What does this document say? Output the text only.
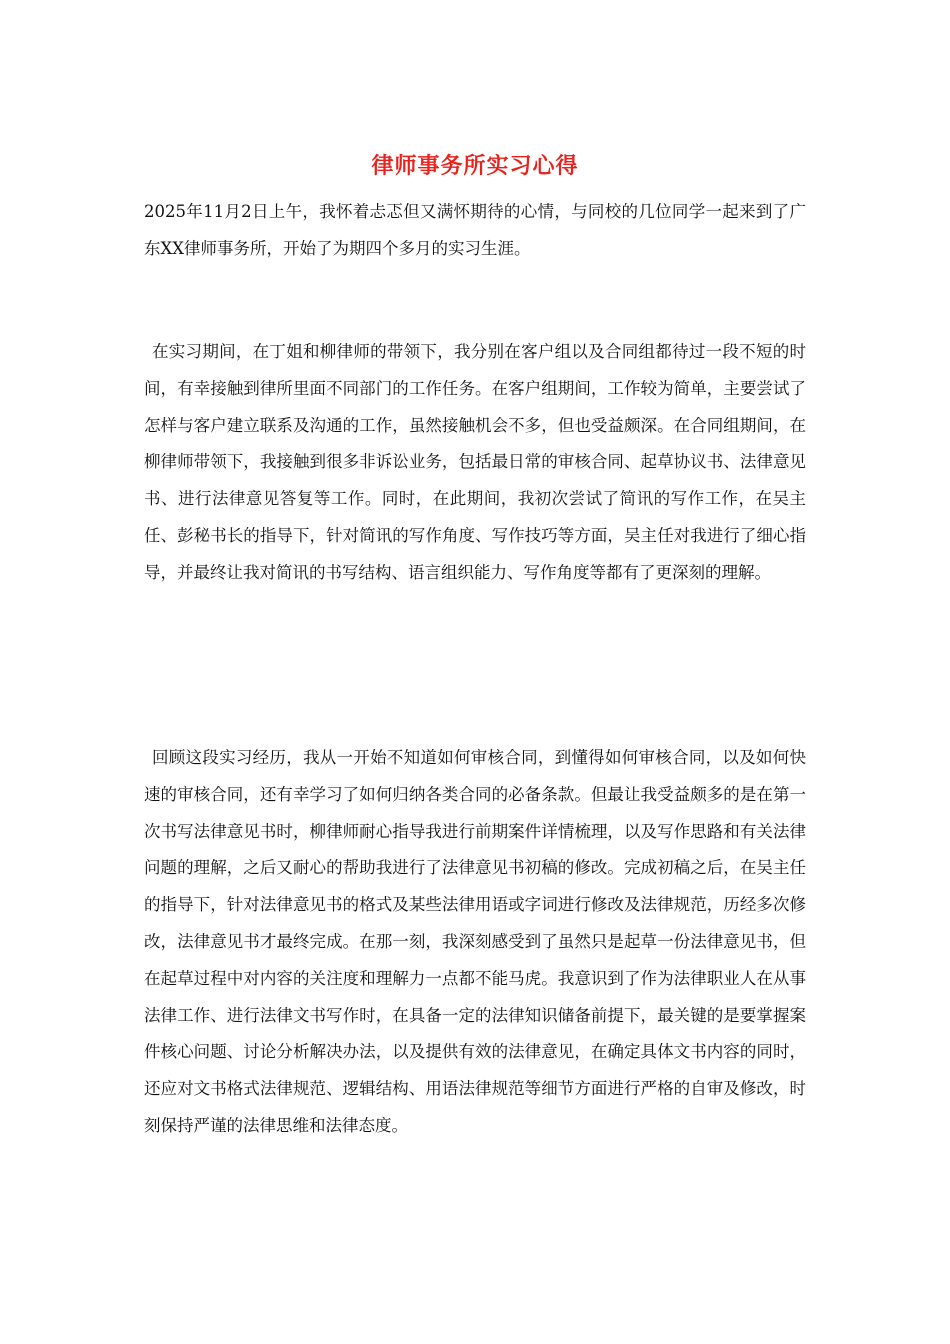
律师事务所实习心得
2025年11月2日上午，我怀着忐忑但又满怀期待的心情，与同校的几位同学一起来到了广东XX律师事务所，开始了为期四个多月的实习生涯。
在实习期间，在丁姐和柳律师的带领下，我分别在客户组以及合同组都待过一段不短的时间，有幸接触到律所里面不同部门的工作任务。在客户组期间，工作较为简单，主要尝试了怎样与客户建立联系及沟通的工作，虽然接触机会不多，但也受益颇深。在合同组期间，在柳律师带领下，我接触到很多非诉讼业务，包括最日常的审核合同、起草协议书、法律意见书、进行法律意见答复等工作。同时，在此期间，我初次尝试了简讯的写作工作，在吴主任、彭秘书长的指导下，针对简讯的写作角度、写作技巧等方面，吴主任对我进行了细心指导，并最终让我对简讯的书写结构、语言组织能力、写作角度等都有了更深刻的理解。
回顾这段实习经历，我从一开始不知道如何审核合同，到懂得如何审核合同，以及如何快速的审核合同，还有幸学习了如何归纳各类合同的必备条款。但最让我受益颇多的是在第一次书写法律意见书时，柳律师耐心指导我进行前期案件详情梳理，以及写作思路和有关法律问题的理解，之后又耐心的帮助我进行了法律意见书初稿的修改。完成初稿之后，在吴主任的指导下，针对法律意见书的格式及某些法律用语或字词进行修改及法律规范，历经多次修改，法律意见书才最终完成。在那一刻，我深刻感受到了虽然只是起草一份法律意见书，但在起草过程中对内容的关注度和理解力一点都不能马虎。我意识到了作为法律职业人在从事法律工作、进行法律文书写作时，在具备一定的法律知识储备前提下，最关键的是要掌握案件核心问题、讨论分析解决办法，以及提供有效的法律意见，在确定具体文书内容的同时，还应对文书格式法律规范、逻辑结构、用语法律规范等细节方面进行严格的自审及修改，时刻保持严谨的法律思维和法律态度。
